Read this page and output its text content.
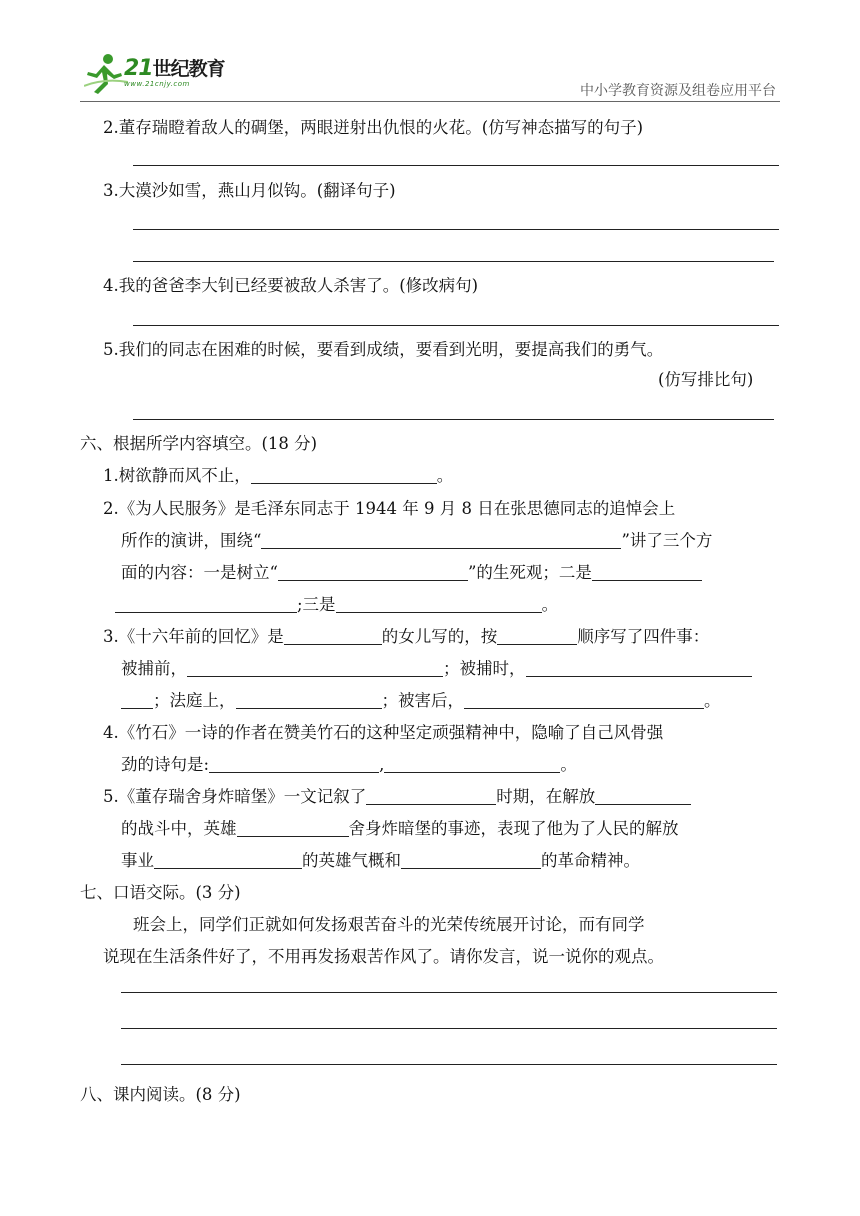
21世纪教育
www.21cnjy.com	中小学教育资源及组卷应用平台
2.董存瑞瞪着敌人的碉堡，两眼迸射出仇恨的火花。(仿写神态描写的句子)
3.大漠沙如雪，燕山月似钩。(翻译句子)
4.我的爸爸李大钊已经要被敌人杀害了。(修改病句)
5.我们的同志在困难的时候，要看到成绩，要看到光明，要提高我们的勇气。
(仿写排比句)
六、根据所学内容填空。(18 分)
1.树欲静而风不止，	。
2.《为人民服务》是毛泽东同志于 1944 年 9 月 8 日在张思德同志的追悼会上
所作的演讲，围绕“	”讲了三个方
面的内容：一是树立“	”的生死观；二是
;三是	。
3.《十六年前的回忆》是	的女儿写的，按	顺序写了四件事：
被捕前，	；被捕时，
；法庭上，	；被害后，	。
4.《竹石》一诗的作者在赞美竹石的这种坚定顽强精神中，隐喻了自己风骨强
劲的诗句是:	,	。
5.《董存瑞舍身炸暗堡》一文记叙了	时期，在解放
的战斗中，英雄	舍身炸暗堡的事迹，表现了他为了人民的解放
事业	的英雄气概和	的革命精神。
七、口语交际。(3 分)
班会上，同学们正就如何发扬艰苦奋斗的光荣传统展开讨论，而有同学
说现在生活条件好了，不用再发扬艰苦作风了。请你发言，说一说你的观点。
八、课内阅读。(8 分)
